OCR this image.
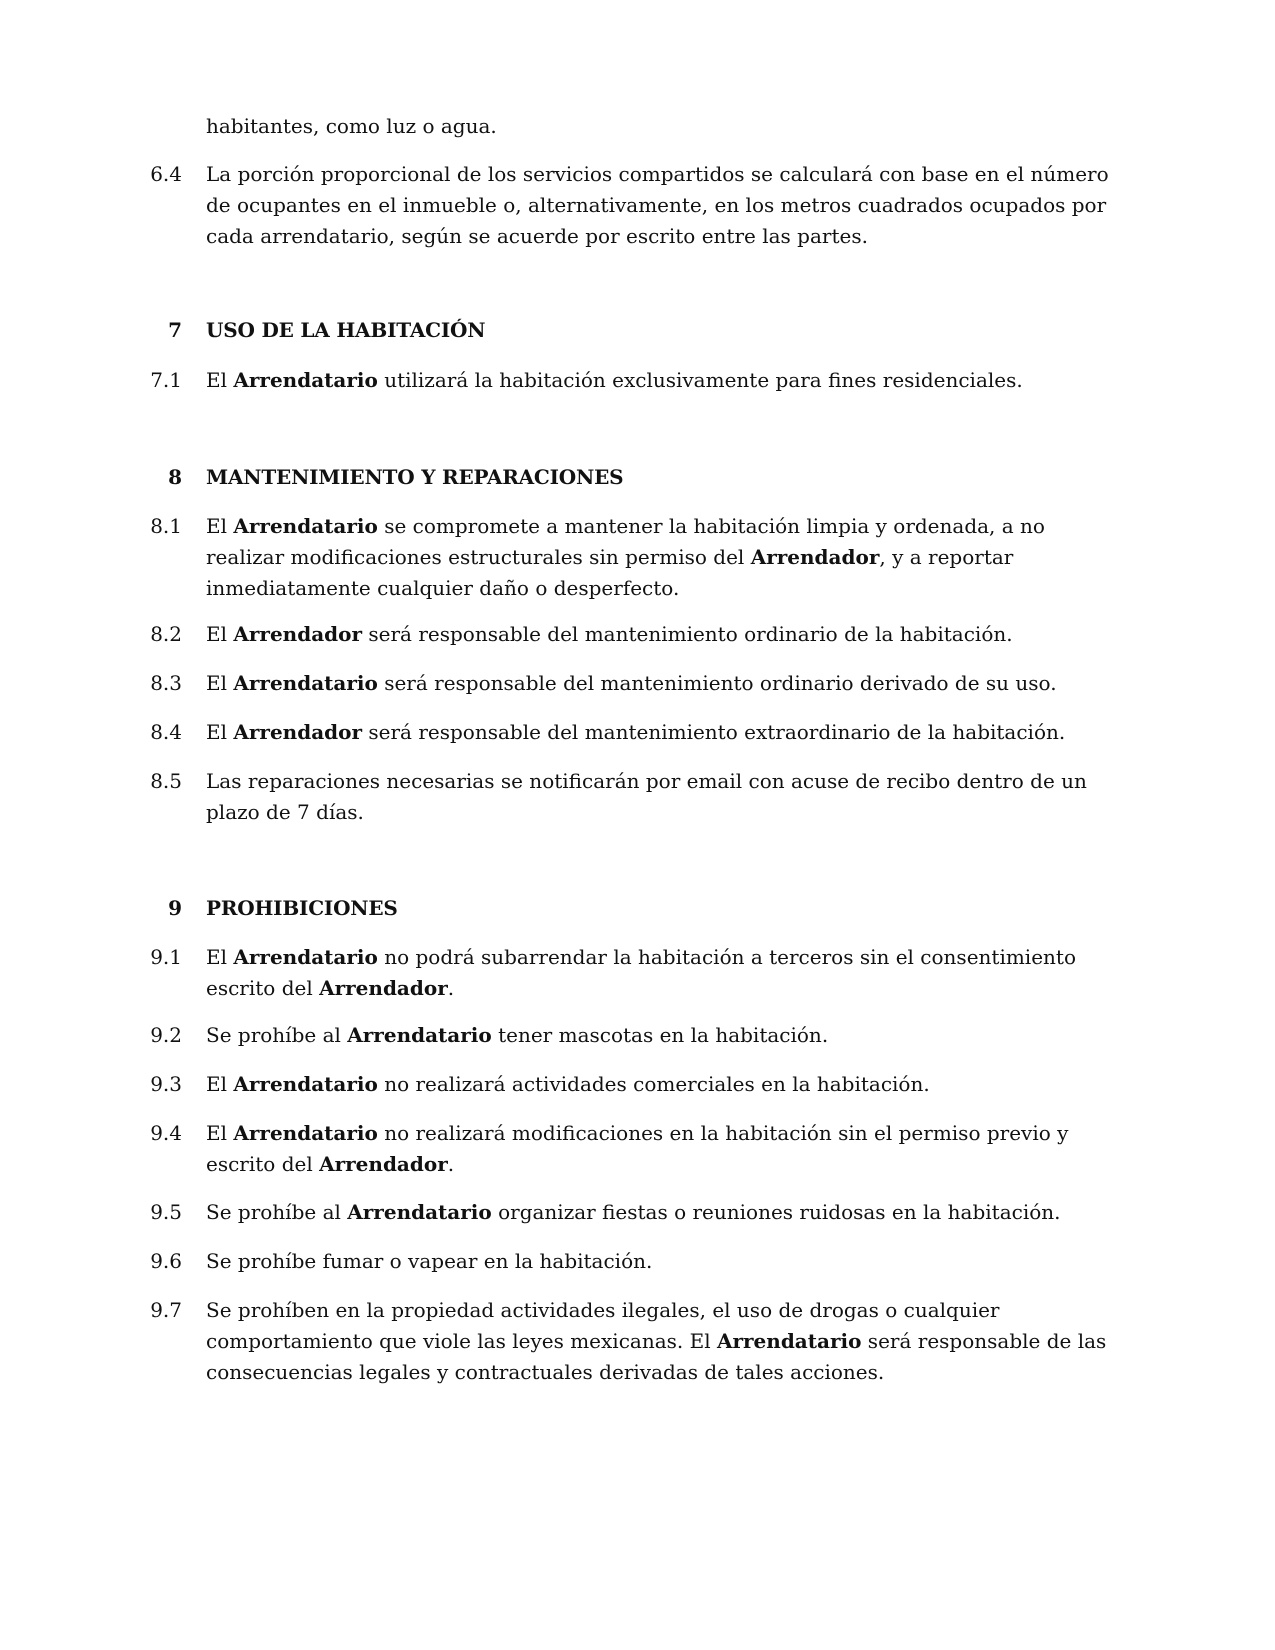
habitantes, como luz o agua.
6.4 La porción proporcional de los servicios compartidos se calculará con base en el número de ocupantes en el inmueble o, alternativamente, en los metros cuadrados ocupados por cada arrendatario, según se acuerde por escrito entre las partes.
7 USO DE LA HABITACIÓN
7.1 El Arrendatario utilizará la habitación exclusivamente para fines residenciales.
8 MANTENIMIENTO Y REPARACIONES
8.1 El Arrendatario se compromete a mantener la habitación limpia y ordenada, a no realizar modificaciones estructurales sin permiso del Arrendador, y a reportar inmediatamente cualquier daño o desperfecto.
8.2 El Arrendador será responsable del mantenimiento ordinario de la habitación.
8.3 El Arrendatario será responsable del mantenimiento ordinario derivado de su uso.
8.4 El Arrendador será responsable del mantenimiento extraordinario de la habitación.
8.5 Las reparaciones necesarias se notificarán por email con acuse de recibo dentro de un plazo de 7 días.
9 PROHIBICIONES
9.1 El Arrendatario no podrá subarrendar la habitación a terceros sin el consentimiento escrito del Arrendador.
9.2 Se prohíbe al Arrendatario tener mascotas en la habitación.
9.3 El Arrendatario no realizará actividades comerciales en la habitación.
9.4 El Arrendatario no realizará modificaciones en la habitación sin el permiso previo y escrito del Arrendador.
9.5 Se prohíbe al Arrendatario organizar fiestas o reuniones ruidosas en la habitación.
9.6 Se prohíbe fumar o vapear en la habitación.
9.7 Se prohíben en la propiedad actividades ilegales, el uso de drogas o cualquier comportamiento que viole las leyes mexicanas. El Arrendatario será responsable de las consecuencias legales y contractuales derivadas de tales acciones.
